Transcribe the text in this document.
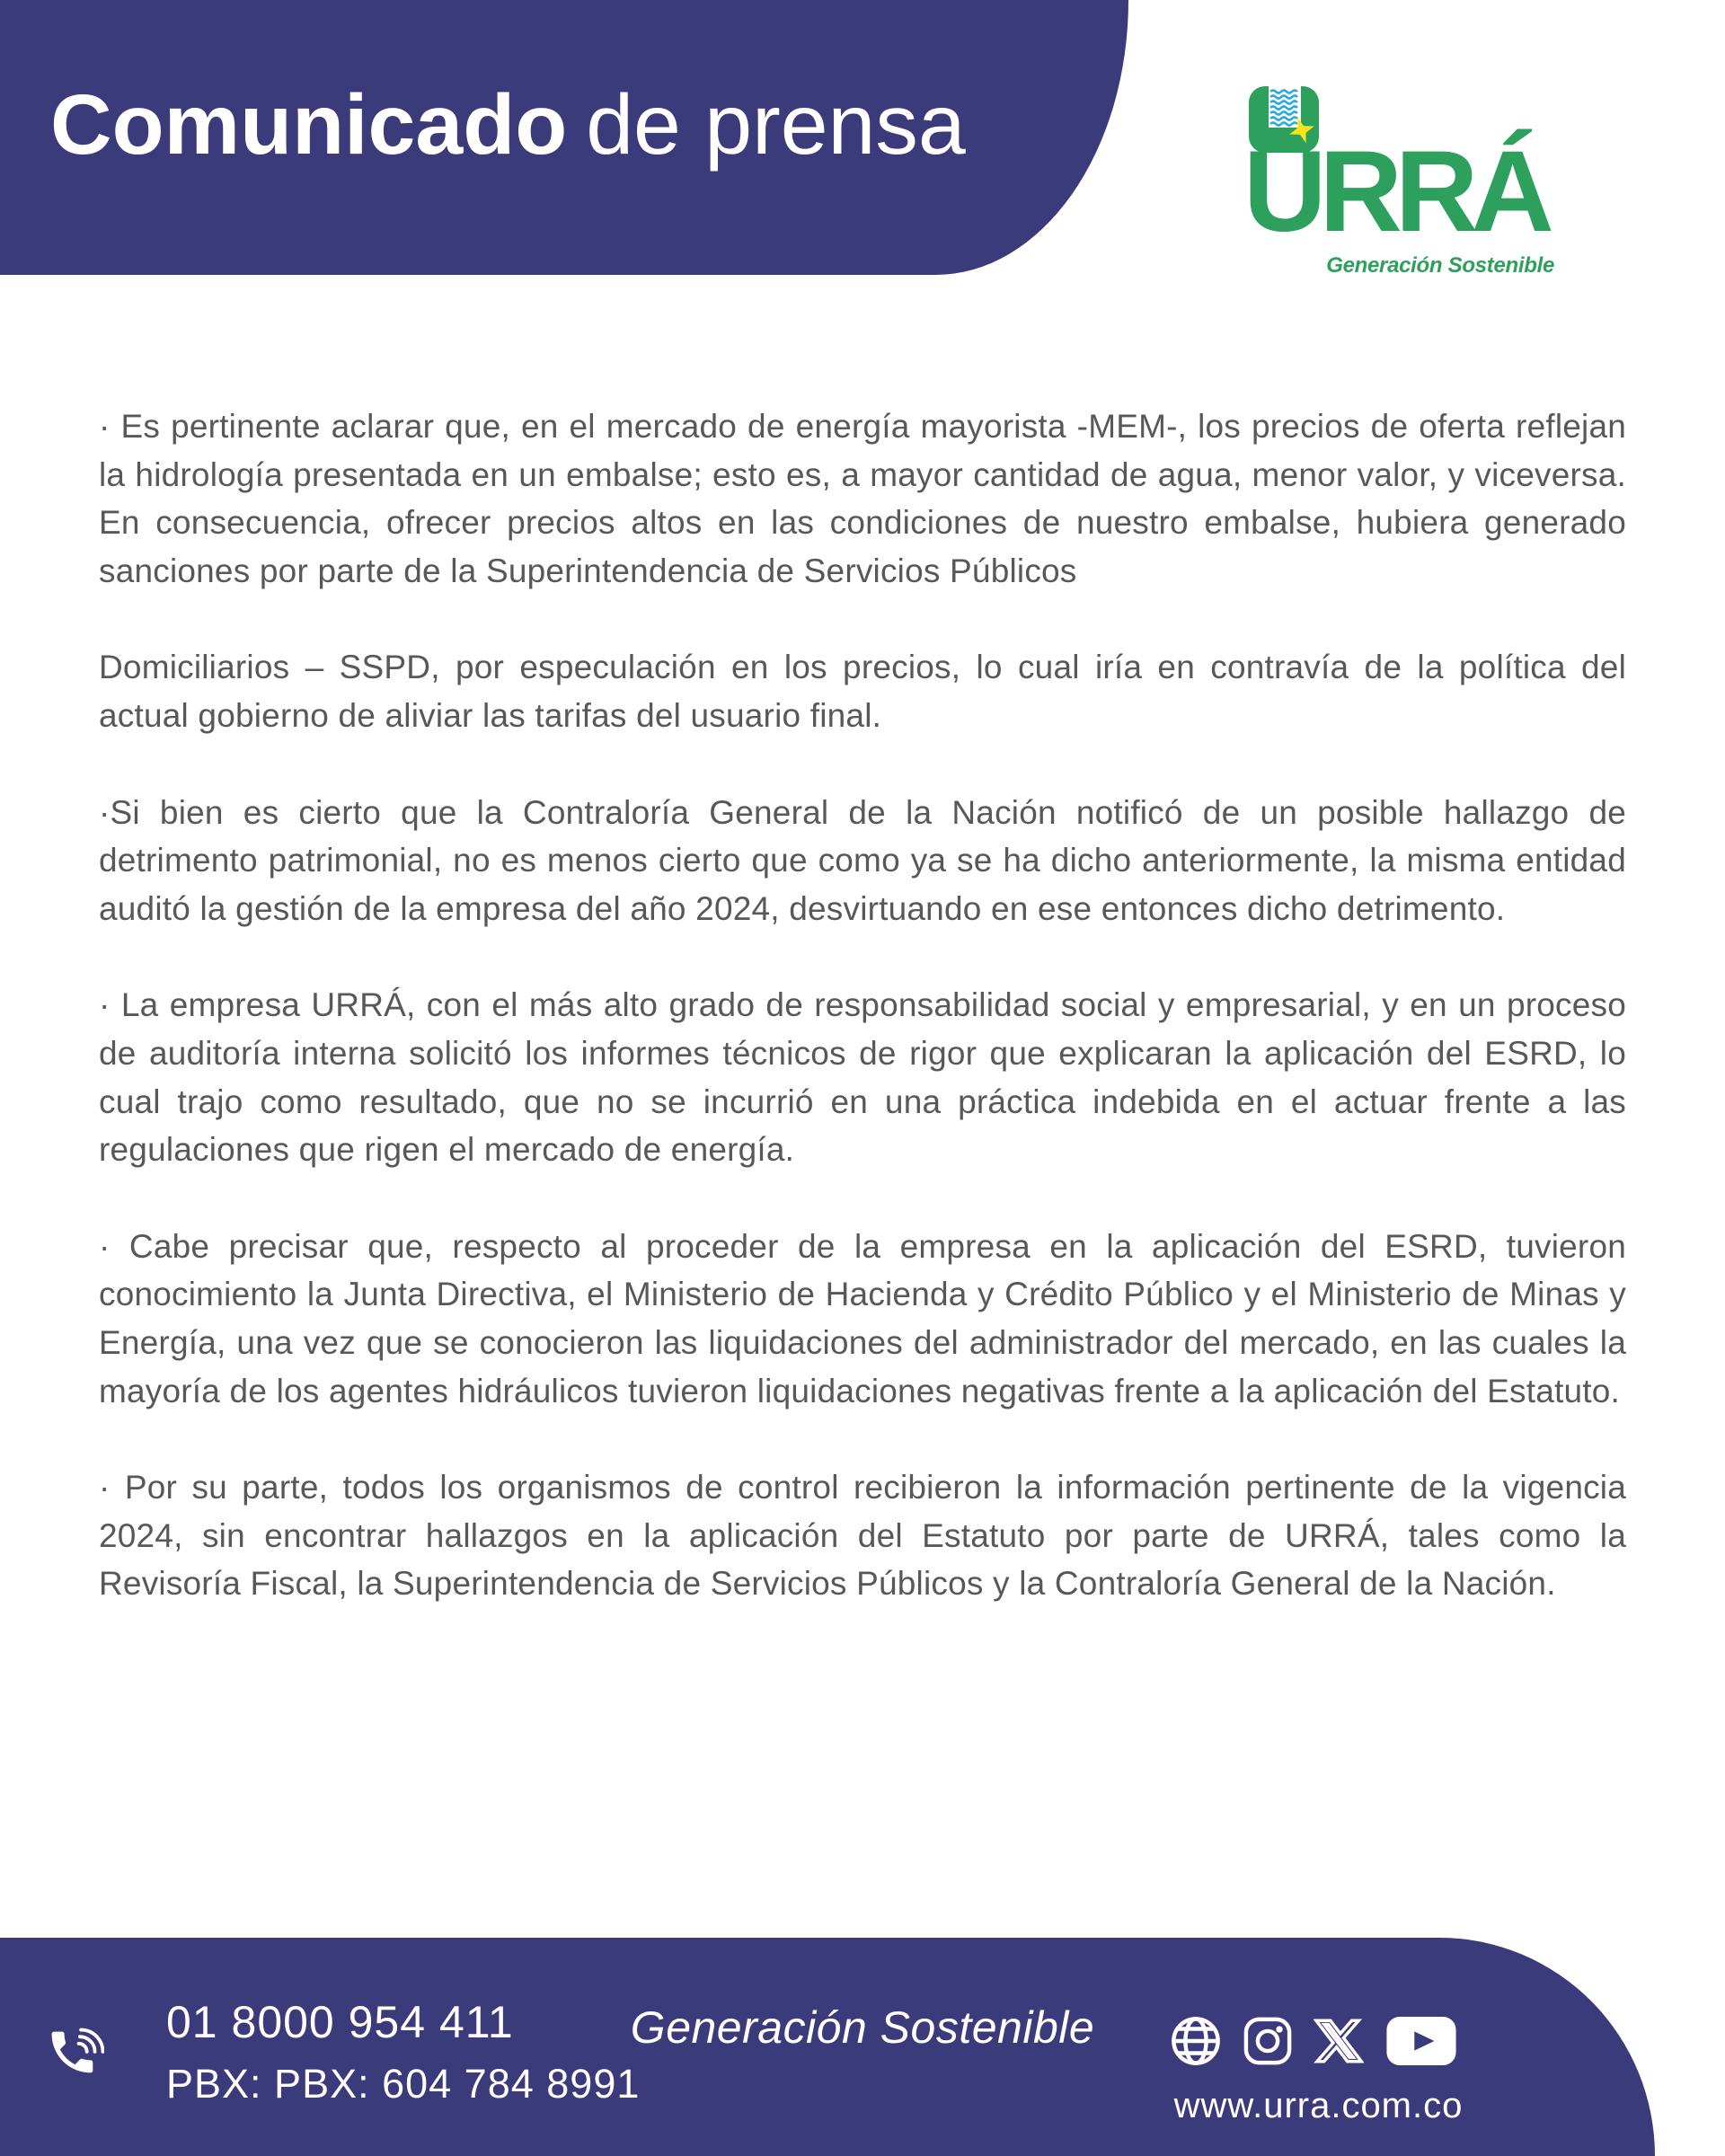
Comunicado de prensa
URRÁ
Generación Sostenible

· Es pertinente aclarar que, en el mercado de energía mayorista -MEM-, los precios de oferta reflejan la hidrología presentada en un embalse; esto es, a mayor cantidad de agua, menor valor, y viceversa. En consecuencia, ofrecer precios altos en las condiciones de nuestro embalse, hubiera generado sanciones por parte de la Superintendencia de Servicios Públicos

Domiciliarios – SSPD, por especulación en los precios, lo cual iría en contravía de la política del actual gobierno de aliviar las tarifas del usuario final.

·Si bien es cierto que la Contraloría General de la Nación notificó de un posible hallazgo de detrimento patrimonial, no es menos cierto que como ya se ha dicho anteriormente, la misma entidad auditó la gestión de la empresa del año 2024, desvirtuando en ese entonces dicho detrimento.

· La empresa URRÁ, con el más alto grado de responsabilidad social y empresarial, y en un proceso de auditoría interna solicitó los informes técnicos de rigor que explicaran la aplicación del ESRD, lo cual trajo como resultado, que no se incurrió en una práctica indebida en el actuar frente a las regulaciones que rigen el mercado de energía.

· Cabe precisar que, respecto al proceder de la empresa en la aplicación del ESRD, tuvieron conocimiento la Junta Directiva, el Ministerio de Hacienda y Crédito Público y el Ministerio de Minas y Energía, una vez que se conocieron las liquidaciones del administrador del mercado, en las cuales la mayoría de los agentes hidráulicos tuvieron liquidaciones negativas frente a la aplicación del Estatuto.

· Por su parte, todos los organismos de control recibieron la información pertinente de la vigencia 2024, sin encontrar hallazgos en la aplicación del Estatuto por parte de URRÁ, tales como la Revisoría Fiscal, la Superintendencia de Servicios Públicos y la Contraloría General de la Nación.

01 8000 954 411
PBX: PBX: 604 784 8991
Generación Sostenible
www.urra.com.co
